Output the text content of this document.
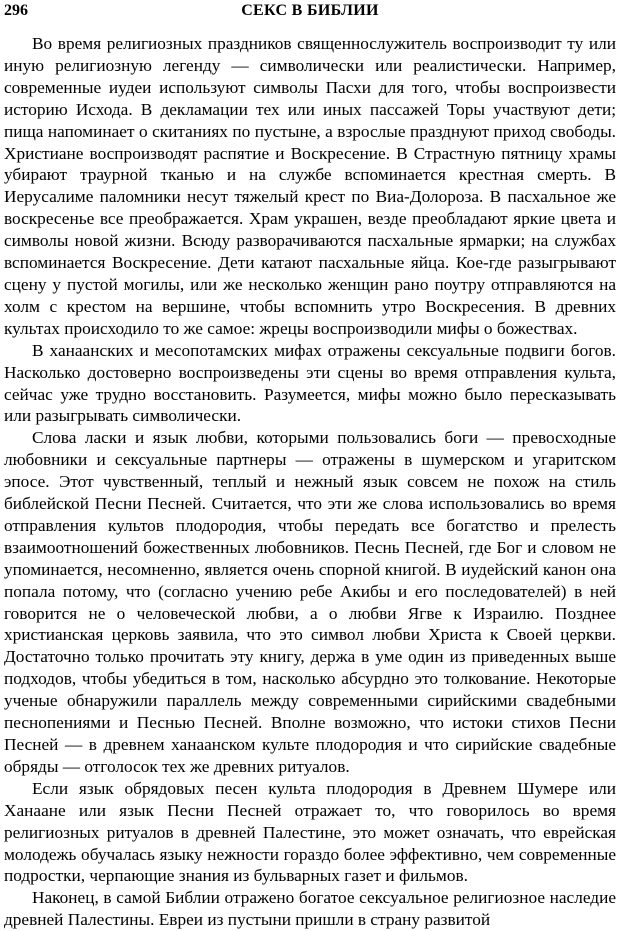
296	СЕКС В БИБЛИИ

Во время религиозных праздников священнослужитель воспроизводит ту или иную религиозную легенду — символически или реалистически. Например, современные иудеи используют символы Пасхи для того, чтобы воспроизвести историю Исхода. В декламации тех или иных пассажей Торы участвуют дети; пища напоминает о скитаниях по пустыне, а взрослые празднуют приход свободы. Христиане воспроизводят распятие и Воскресение. В Страстную пятницу храмы убирают траурной тканью и на службе вспоминается крестная смерть. В Иерусалиме паломники несут тяжелый крест по Виа-Долороза. В пасхальное же воскресенье все преображается. Храм украшен, везде преобладают яркие цвета и символы новой жизни. Всюду разворачиваются пасхальные ярмарки; на службах вспоминается Воскресение. Дети катают пасхальные яйца. Кое-где разыгрывают сцену у пустой могилы, или же несколько женщин рано поутру отправляются на холм с крестом на вершине, чтобы вспомнить утро Воскресения. В древних культах происходило то же самое: жрецы воспроизводили мифы о божествах.

В ханаанских и месопотамских мифах отражены сексуальные подвиги богов. Насколько достоверно воспроизведены эти сцены во время отправления культа, сейчас уже трудно восстановить. Разумеется, мифы можно было пересказывать или разыгрывать символически.

Слова ласки и язык любви, которыми пользовались боги — превосходные любовники и сексуальные партнеры — отражены в шумерском и угаритском эпосе. Этот чувственный, теплый и нежный язык совсем не похож на стиль библейской Песни Песней. Считается, что эти же слова использовались во время отправления культов плодородия, чтобы передать все богатство и прелесть взаимоотношений божественных любовников. Песнь Песней, где Бог и словом не упоминается, несомненно, является очень спорной книгой. В иудейский канон она попала потому, что (согласно учению ребе Акибы и его последователей) в ней говорится не о человеческой любви, а о любви Ягве к Израилю. Позднее христианская церковь заявила, что это символ любви Христа к Своей церкви. Достаточно только прочитать эту книгу, держа в уме один из приведенных выше подходов, чтобы убедиться в том, насколько абсурдно это толкование. Некоторые ученые обнаружили параллель между современными сирийскими свадебными песнопениями и Песнью Песней. Вполне возможно, что истоки стихов Песни Песней — в древнем ханаанском культе плодородия и что сирийские свадебные обряды — отголосок тех же древних ритуалов.

Если язык обрядовых песен культа плодородия в Древнем Шумере или Ханаане или язык Песни Песней отражает то, что говорилось во время религиозных ритуалов в древней Палестине, это может означать, что еврейская молодежь обучалась языку нежности гораздо более эффективно, чем современные подростки, черпающие знания из бульварных газет и фильмов.

Наконец, в самой Библии отражено богатое сексуальное религиозное наследие древней Палестины. Евреи из пустыни пришли в страну развитой
